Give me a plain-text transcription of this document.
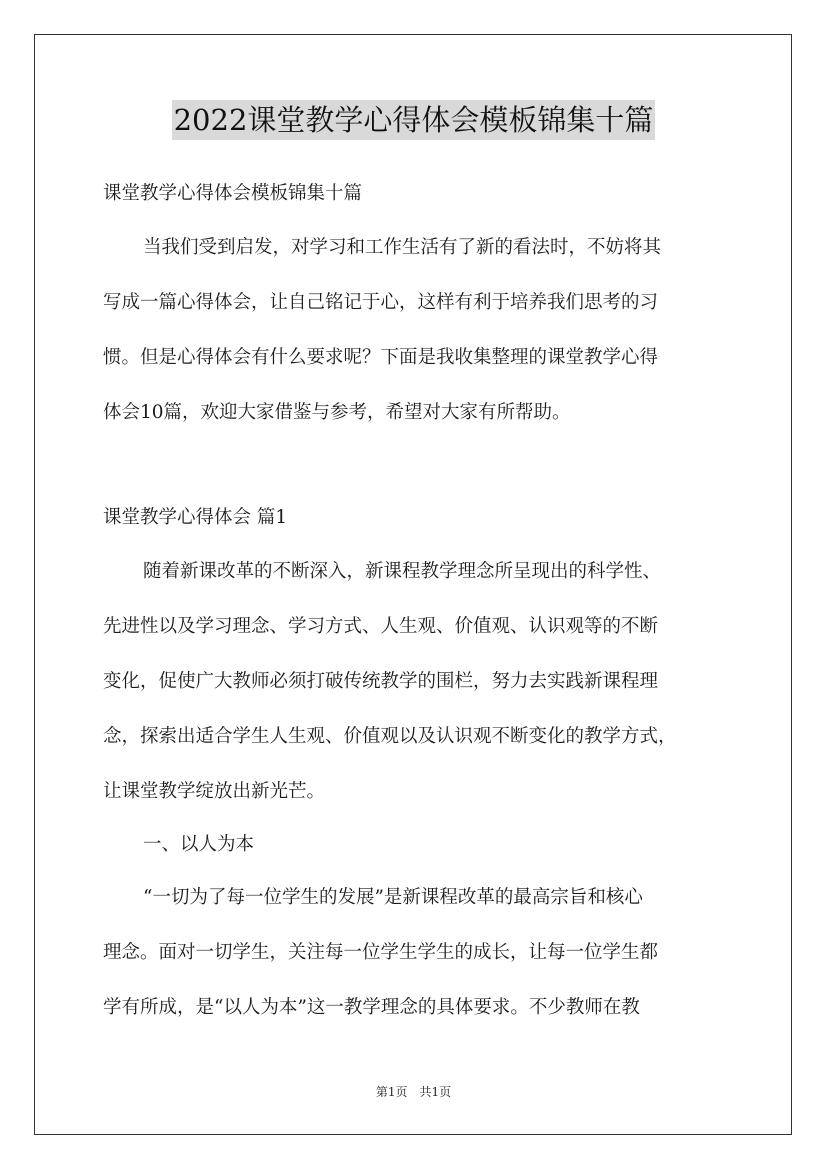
2022课堂教学心得体会模板锦集十篇
课堂教学心得体会模板锦集十篇
当我们受到启发，对学习和工作生活有了新的看法时，不妨将其
写成一篇心得体会，让自己铭记于心，这样有利于培养我们思考的习
惯。但是心得体会有什么要求呢？下面是我收集整理的课堂教学心得
体会10篇，欢迎大家借鉴与参考，希望对大家有所帮助。
课堂教学心得体会 篇1
随着新课改革的不断深入，新课程教学理念所呈现出的科学性、
先进性以及学习理念、学习方式、人生观、价值观、认识观等的不断
变化，促使广大教师必须打破传统教学的围栏，努力去实践新课程理
念，探索出适合学生人生观、价值观以及认识观不断变化的教学方式，
让课堂教学绽放出新光芒。
一、以人为本
“一切为了每一位学生的发展”是新课程改革的最高宗旨和核心
理念。面对一切学生，关注每一位学生学生的成长，让每一位学生都
学有所成，是“以人为本”这一教学理念的具体要求。不少教师在教
第1页　共1页
